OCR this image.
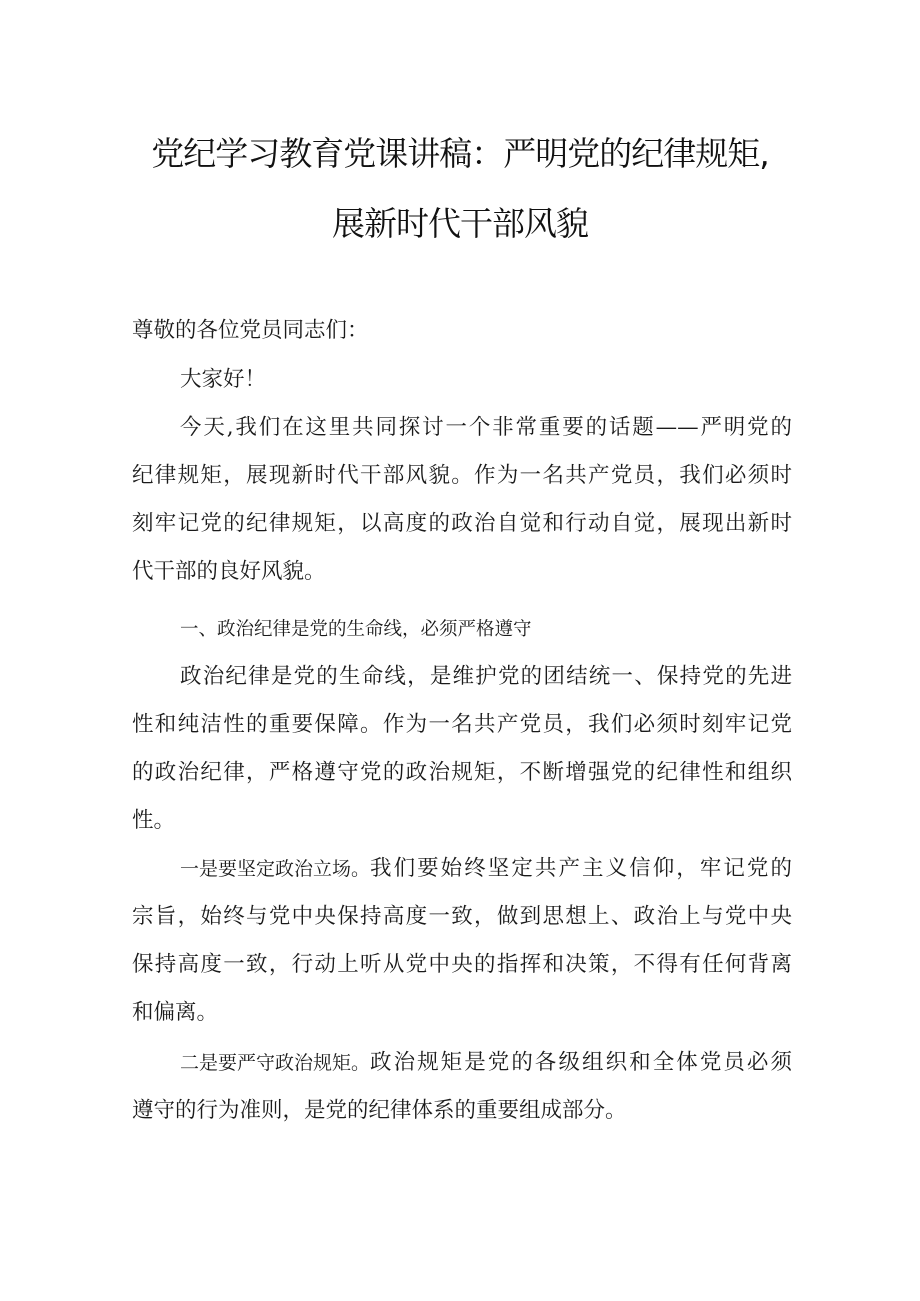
党纪学习教育党课讲稿：严明党的纪律规矩,
展新时代干部风貌

尊敬的各位党员同志们：

大家好！

今天,我们在这里共同探讨一个非常重要的话题——严明党的

纪律规矩，展现新时代干部风貌。作为一名共产党员，我们必须时

刻牢记党的纪律规矩，以高度的政治自觉和行动自觉，展现出新时

代干部的良好风貌。

一、政治纪律是党的生命线，必须严格遵守

政治纪律是党的生命线，是维护党的团结统一、保持党的先进

性和纯洁性的重要保障。作为一名共产党员，我们必须时刻牢记党

的政治纪律，严格遵守党的政治规矩，不断增强党的纪律性和组织

性。

一是要坚定政治立场。 我们要始终坚定共产主义信仰，牢记党的

宗旨，始终与党中央保持高度一致，做到思想上、政治上与党中央

保持高度一致，行动上听从党中央的指挥和决策，不得有任何背离

和偏离。

二是要严守政治规矩。 政治规矩是党的各级组织和全体党员必须

遵守的行为准则，是党的纪律体系的重要组成部分。
